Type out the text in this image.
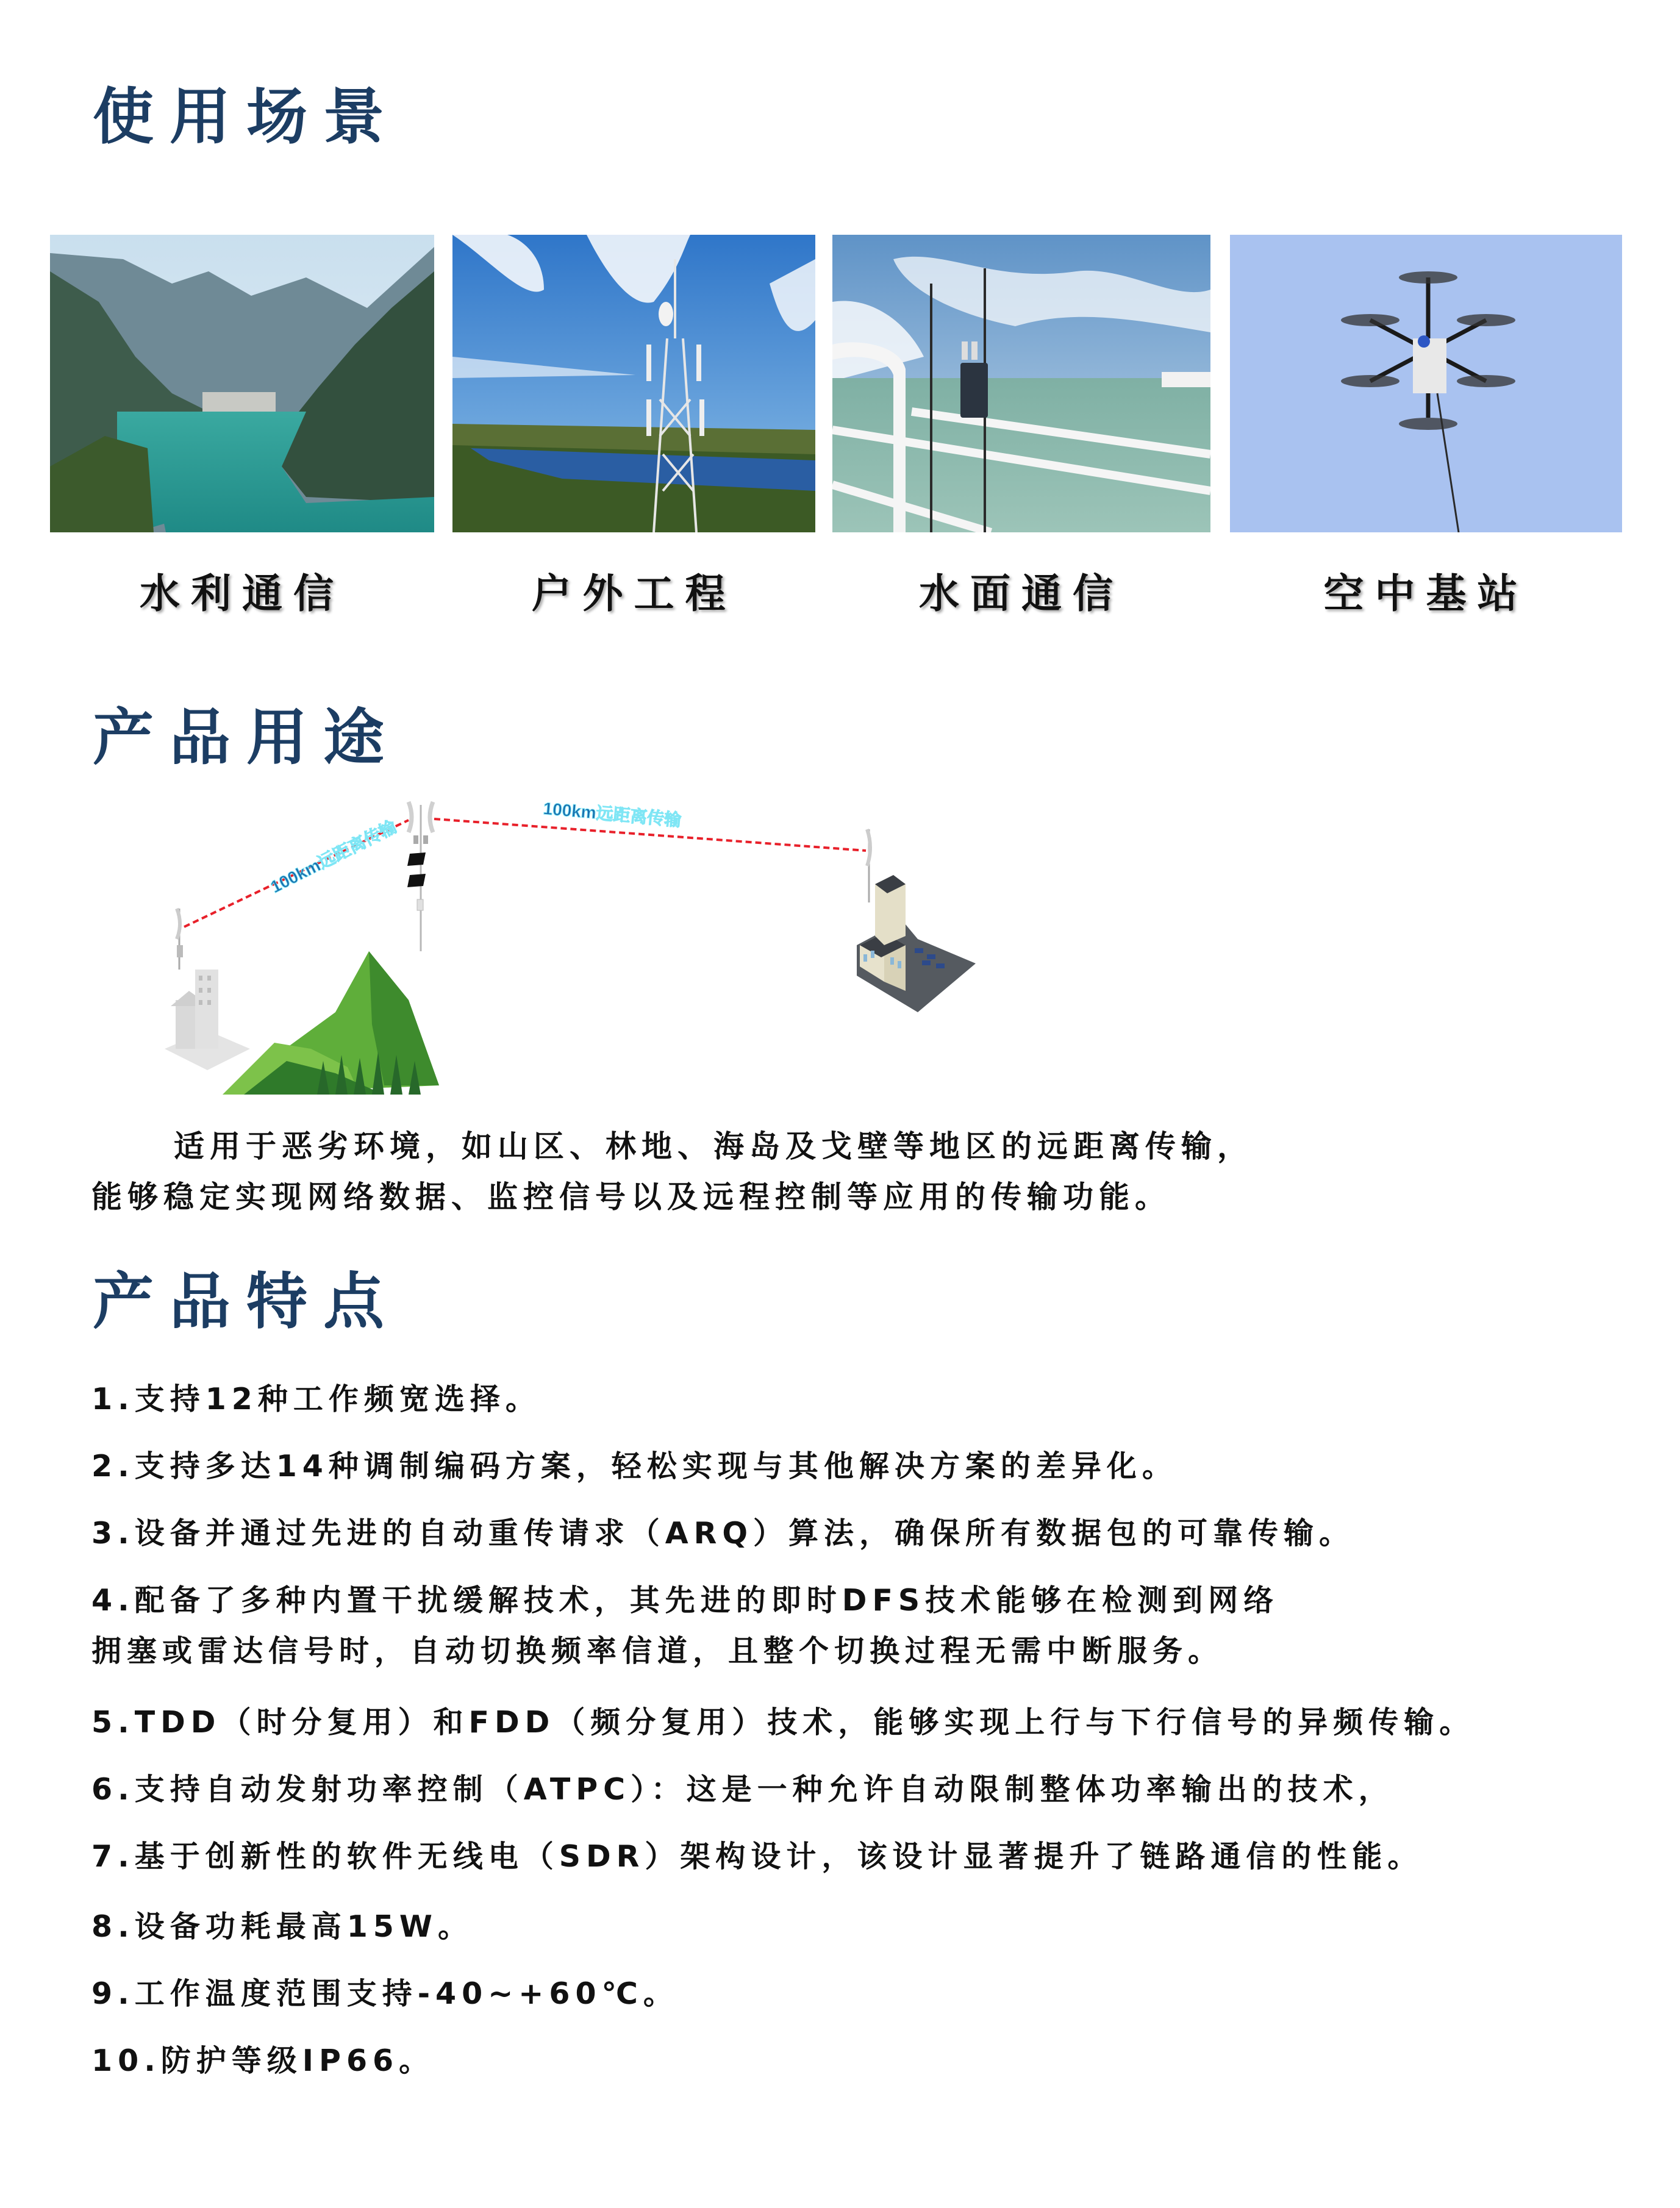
使用场景
水利通信	户外工程	水面通信	空中基站
产品用途
100km远距离传输
100km远距离传输
适用于恶劣环境，如山区、林地、海岛及戈壁等地区的远距离传输，
能够稳定实现网络数据、监控信号以及远程控制等应用的传输功能。
产品特点
1.支持12种工作频宽选择。
2.支持多达14种调制编码方案，轻松实现与其他解决方案的差异化。
3.设备并通过先进的自动重传请求（ARQ）算法，确保所有数据包的可靠传输。
4.配备了多种内置干扰缓解技术，其先进的即时DFS技术能够在检测到网络
拥塞或雷达信号时，自动切换频率信道，且整个切换过程无需中断服务。
5.TDD（时分复用）和FDD（频分复用）技术，能够实现上行与下行信号的异频传输。
6.支持自动发射功率控制（ATPC）：这是一种允许自动限制整体功率输出的技术，
7.基于创新性的软件无线电（SDR）架构设计，该设计显著提升了链路通信的性能。
8.设备功耗最高15W。
9.工作温度范围支持-40~+60℃。
10.防护等级IP66。
